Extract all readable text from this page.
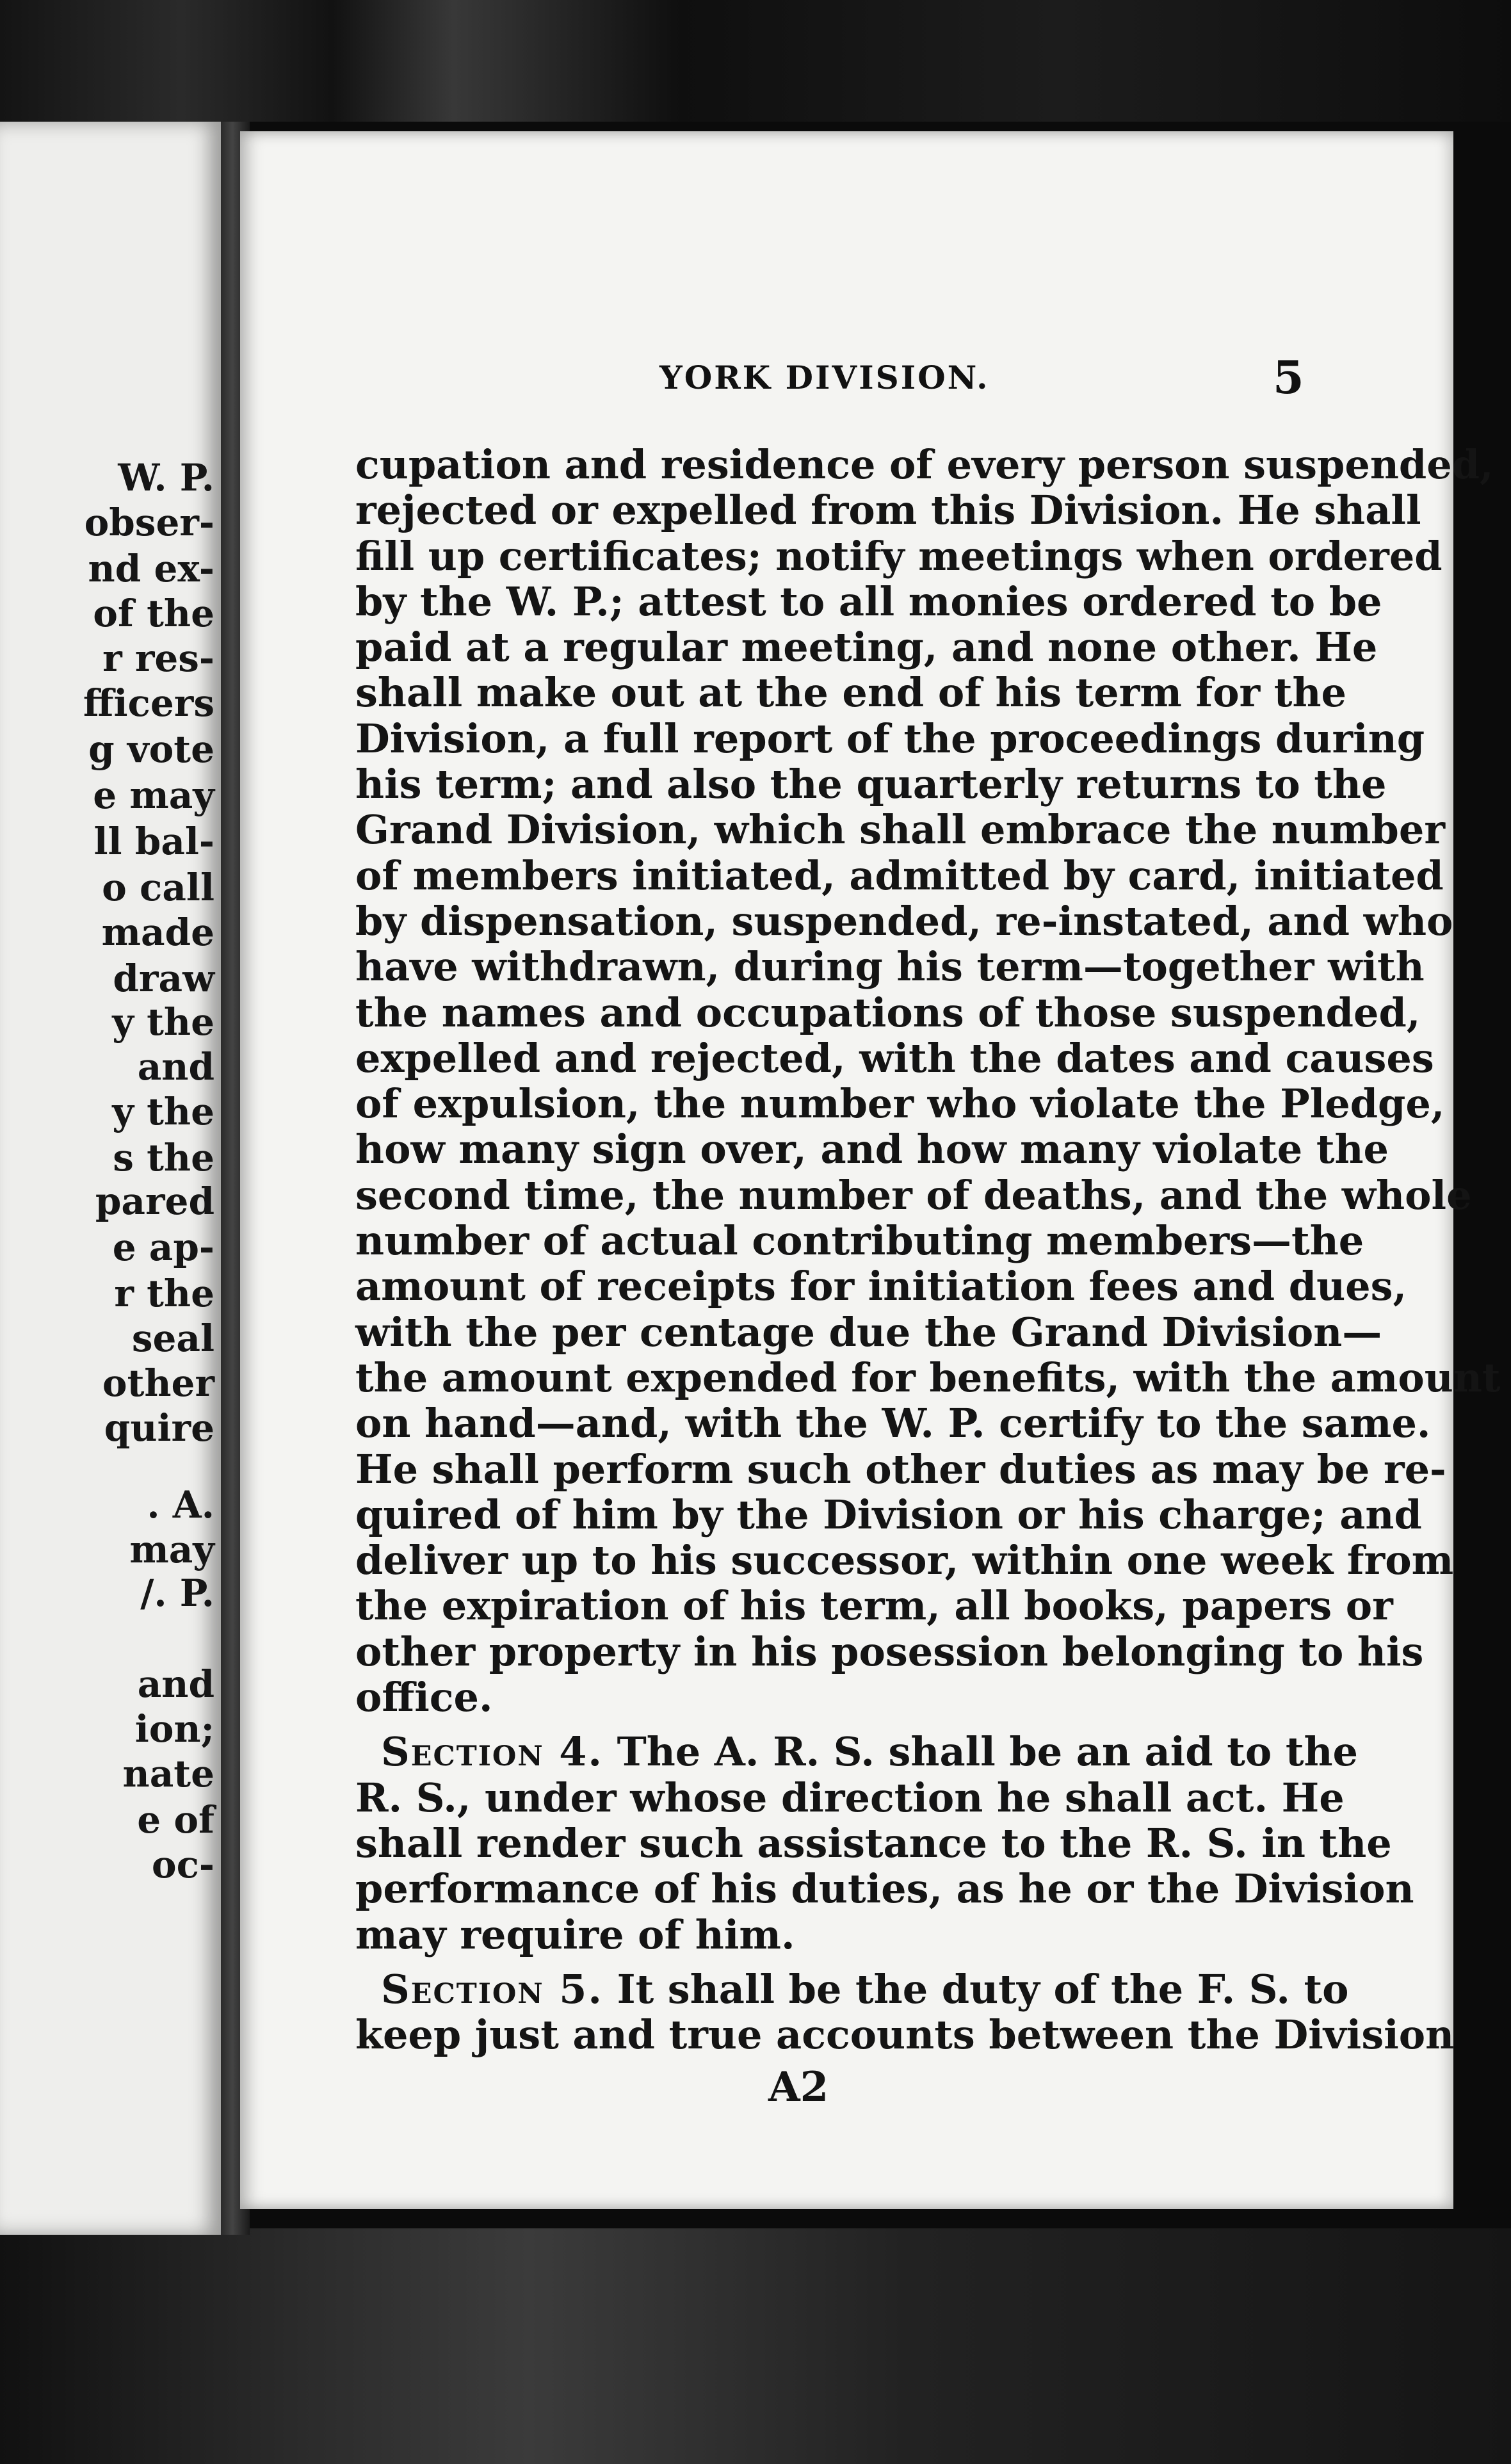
W. P.
obser-
nd ex-
of the
r res-
fficers
g vote
e may
ll bal-
o call
made
draw
y the
and
y the
s the
pared
e ap-
r the
seal
other
quire
. A.
may
/. P.
and
ion;
nate
e of
oc-
YORK DIVISION.	5
cupation and residence of every person suspended,
rejected or expelled from this Division. He shall
fill up certificates; notify meetings when ordered
by the W. P.; attest to all monies ordered to be
paid at a regular meeting, and none other. He
shall make out at the end of his term for the
Division, a full report of the proceedings during
his term; and also the quarterly returns to the
Grand Division, which shall embrace the number
of members initiated, admitted by card, initiated
by dispensation, suspended, re-instated, and who
have withdrawn, during his term—together with
the names and occupations of those suspended,
expelled and rejected, with the dates and causes
of expulsion, the number who violate the Pledge,
how many sign over, and how many violate the
second time, the number of deaths, and the whole
number of actual contributing members—the
amount of receipts for initiation fees and dues,
with the per centage due the Grand Division—
the amount expended for benefits, with the amount
on hand—and, with the W. P. certify to the same.
He shall perform such other duties as may be re-
quired of him by the Division or his charge; and
deliver up to his successor, within one week from
the expiration of his term, all books, papers or
other property in his posession belonging to his
office.
Section 4. The A. R. S. shall be an aid to the
R. S., under whose direction he shall act. He
shall render such assistance to the R. S. in the
performance of his duties, as he or the Division
may require of him.
Section 5. It shall be the duty of the F. S. to
keep just and true accounts between the Division
A2
